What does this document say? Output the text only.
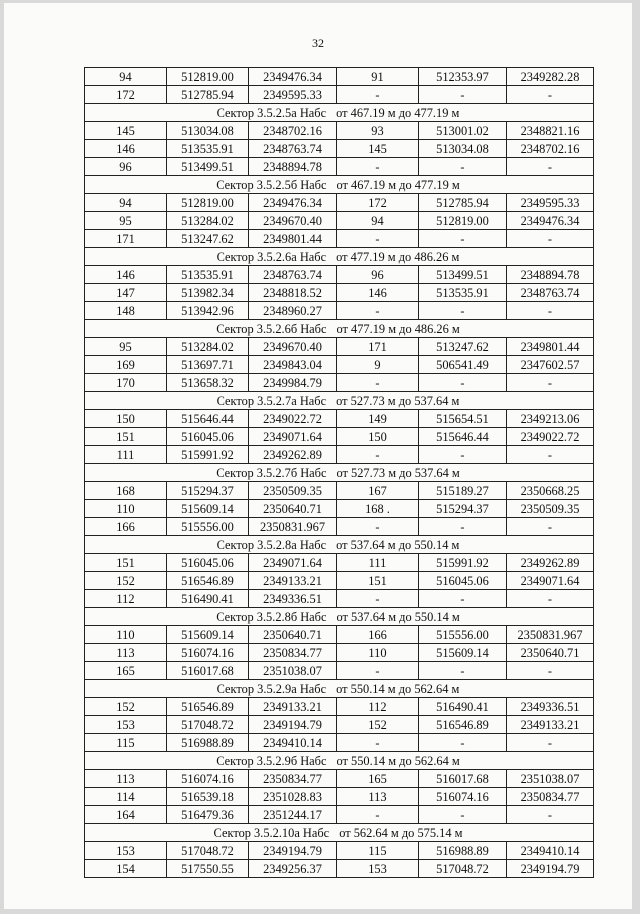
32
94	512819.00	2349476.34	91	512353.97	2349282.28
172	512785.94	2349595.33	-	-	-
Сектор 3.5.2.5а Набс от 467.19 м до 477.19 м					
145	513034.08	2348702.16	93	513001.02	2348821.16
146	513535.91	2348763.74	145	513034.08	2348702.16
96	513499.51	2348894.78	-	-	-
Сектор 3.5.2.5б Набс от 467.19 м до 477.19 м					
94	512819.00	2349476.34	172	512785.94	2349595.33
95	513284.02	2349670.40	94	512819.00	2349476.34
171	513247.62	2349801.44	-	-	-
Сектор 3.5.2.6а Набс от 477.19 м до 486.26 м					
146	513535.91	2348763.74	96	513499.51	2348894.78
147	513982.34	2348818.52	146	513535.91	2348763.74
148	513942.96	2348960.27	-	-	-
Сектор 3.5.2.6б Набс от 477.19 м до 486.26 м					
95	513284.02	2349670.40	171	513247.62	2349801.44
169	513697.71	2349843.04	9	506541.49	2347602.57
170	513658.32	2349984.79	-	-	-
Сектор 3.5.2.7а Набс от 527.73 м до 537.64 м					
150	515646.44	2349022.72	149	515654.51	2349213.06
151	516045.06	2349071.64	150	515646.44	2349022.72
111	515991.92	2349262.89	-	-	-
Сектор 3.5.2.7б Набс от 527.73 м до 537.64 м					
168	515294.37	2350509.35	167	515189.27	2350668.25
110	515609.14	2350640.71	168 .	515294.37	2350509.35
166	515556.00	2350831.967	-	-	-
Сектор 3.5.2.8а Набс от 537.64 м до 550.14 м					
151	516045.06	2349071.64	111	515991.92	2349262.89
152	516546.89	2349133.21	151	516045.06	2349071.64
112	516490.41	2349336.51	-	-	-
Сектор 3.5.2.8б Набс от 537.64 м до 550.14 м					
110	515609.14	2350640.71	166	515556.00	2350831.967
113	516074.16	2350834.77	110	515609.14	2350640.71
165	516017.68	2351038.07	-	-	-
Сектор 3.5.2.9а Набс от 550.14 м до 562.64 м					
152	516546.89	2349133.21	112	516490.41	2349336.51
153	517048.72	2349194.79	152	516546.89	2349133.21
115	516988.89	2349410.14	-	-	-
Сектор 3.5.2.9б Набс от 550.14 м до 562.64 м					
113	516074.16	2350834.77	165	516017.68	2351038.07
114	516539.18	2351028.83	113	516074.16	2350834.77
164	516479.36	2351244.17	-	-	-
Сектор 3.5.2.10а Набс от 562.64 м до 575.14 м					
153	517048.72	2349194.79	115	516988.89	2349410.14
154	517550.55	2349256.37	153	517048.72	2349194.79
